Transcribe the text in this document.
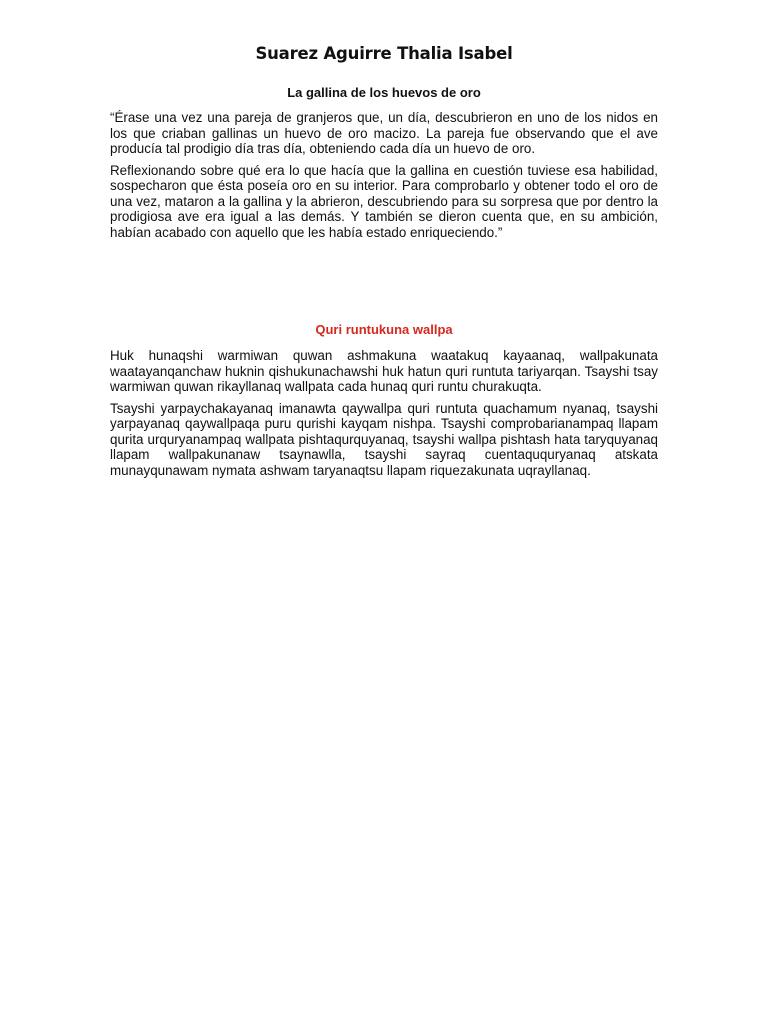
Suarez Aguirre Thalia Isabel
La gallina de los huevos de oro

“Érase una vez una pareja de granjeros que, un día, descubrieron en uno de los nidos en los que criaban gallinas un huevo de oro macizo. La pareja fue observando que el ave producía tal prodigio día tras día, obteniendo cada día un huevo de oro.

Reflexionando sobre qué era lo que hacía que la gallina en cuestión tuviese esa habilidad, sospecharon que ésta poseía oro en su interior. Para comprobarlo y obtener todo el oro de una vez, mataron a la gallina y la abrieron, descubriendo para su sorpresa que por dentro la prodigiosa ave era igual a las demás. Y también se dieron cuenta que, en su ambición, habían acabado con aquello que les había estado enriqueciendo.”

Quri runtukuna wallpa

Huk hunaqshi warmiwan quwan ashmakuna waatakuq kayaanaq, wallpakunata waatayanqanchaw huknin qishukunachawshi huk hatun quri runtuta tariyarqan. Tsayshi tsay warmiwan quwan rikayllanaq wallpata cada hunaq quri runtu churakuqta.

Tsayshi yarpaychakayanaq imanawta qaywallpa quri runtuta quachamum nyanaq, tsayshi yarpayanaq qaywallpaqa puru qurishi kayqam nishpa. Tsayshi comprobarianampaq llapam qurita urquryanampaq wallpata pishtaqurquyanaq, tsayshi wallpa pishtash hata taryquyanaq llapam wallpakunanaw tsaynawlla, tsayshi sayraq cuentaququryanaq atskata munayqunawam nymata ashwam taryanaqtsu llapam riquezakunata uqrayllanaq.
